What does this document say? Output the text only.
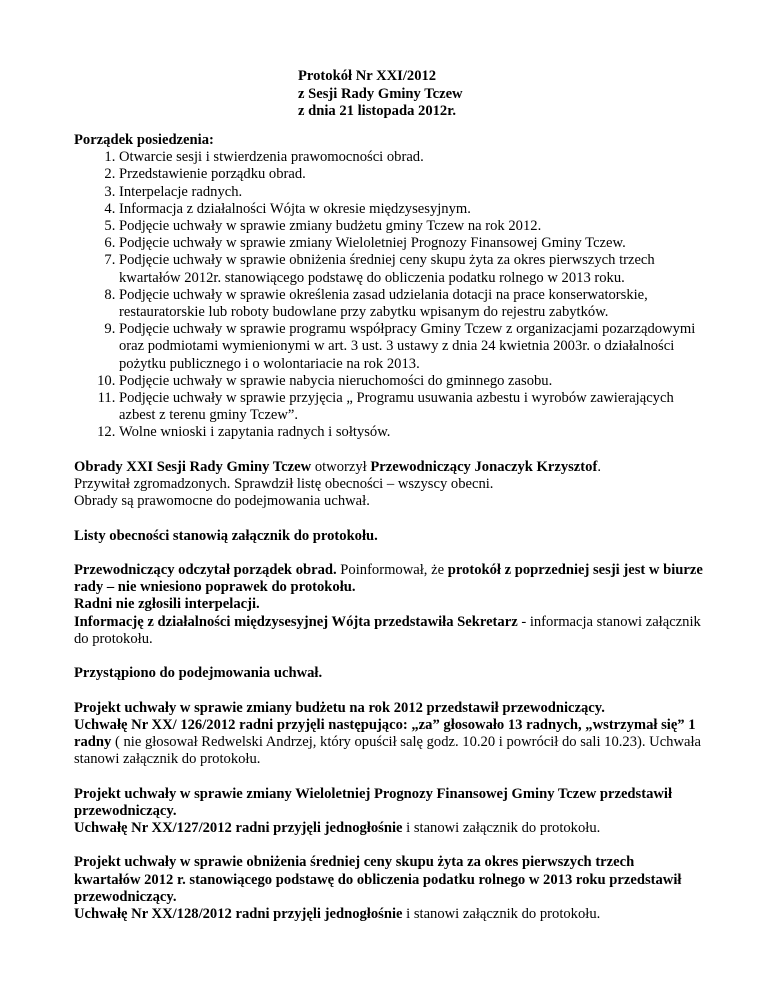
Protokół Nr XXI/2012
z Sesji Rady Gminy Tczew
z dnia 21 listopada 2012r.

Porządek posiedzenia:

1. Otwarcie sesji i stwierdzenia prawomocności obrad.
2. Przedstawienie porządku obrad.
3. Interpelacje radnych.
4. Informacja z działalności Wójta w okresie międzysesyjnym.
5. Podjęcie uchwały w sprawie zmiany budżetu gminy Tczew na rok 2012.
6. Podjęcie uchwały w sprawie zmiany Wieloletniej Prognozy Finansowej Gminy Tczew.
7. Podjęcie uchwały w sprawie obniżenia średniej ceny skupu żyta za okres pierwszych trzech kwartałów 2012r. stanowiącego podstawę do obliczenia podatku rolnego w 2013 roku.
8. Podjęcie uchwały w sprawie określenia zasad udzielania dotacji na prace konserwatorskie, restauratorskie lub roboty budowlane przy zabytku wpisanym do rejestru zabytków.
9. Podjęcie uchwały w sprawie programu współpracy Gminy Tczew z organizacjami pozarządowymi oraz podmiotami wymienionymi w art. 3 ust. 3 ustawy z dnia 24 kwietnia 2003r. o działalności pożytku publicznego i o wolontariacie na rok 2013.
10. Podjęcie uchwały w sprawie nabycia nieruchomości do gminnego zasobu.
11. Podjęcie uchwały w sprawie przyjęcia „ Programu usuwania azbestu i wyrobów zawierających azbest z terenu gminy Tczew”.
12. Wolne wnioski i zapytania radnych i sołtysów.

Obrady XXI Sesji Rady Gminy Tczew otworzył Przewodniczący Jonaczyk Krzysztof.

Przywitał zgromadzonych. Sprawdził listę obecności – wszyscy obecni.

Obrady są prawomocne do podejmowania uchwał.

Listy obecności stanowią załącznik do protokołu.

Przewodniczący odczytał porządek obrad. Poinformował, że protokół z poprzedniej sesji jest w biurze rady – nie wniesiono poprawek do protokołu.

Radni nie zgłosili interpelacji.

Informację z działalności międzysesyjnej Wójta przedstawiła Sekretarz - informacja stanowi załącznik do protokołu.

Przystąpiono do podejmowania uchwał.

Projekt uchwały w sprawie zmiany budżetu na rok 2012 przedstawił przewodniczący.

Uchwałę Nr XX/ 126/2012 radni przyjęli następująco: „za” głosowało 13 radnych, „wstrzymał się” 1 radny ( nie głosował Redwelski Andrzej, który opuścił salę godz. 10.20 i powrócił do sali 10.23). Uchwała stanowi załącznik do protokołu.

Projekt uchwały w sprawie zmiany Wieloletniej Prognozy Finansowej Gminy Tczew przedstawił przewodniczący.

Uchwałę Nr XX/127/2012 radni przyjęli jednogłośnie i stanowi załącznik do protokołu.

Projekt uchwały w sprawie obniżenia średniej ceny skupu żyta za okres pierwszych trzech kwartałów 2012 r. stanowiącego podstawę do obliczenia podatku rolnego w 2013 roku przedstawił przewodniczący.

Uchwałę Nr XX/128/2012 radni przyjęli jednogłośnie i stanowi załącznik do protokołu.
